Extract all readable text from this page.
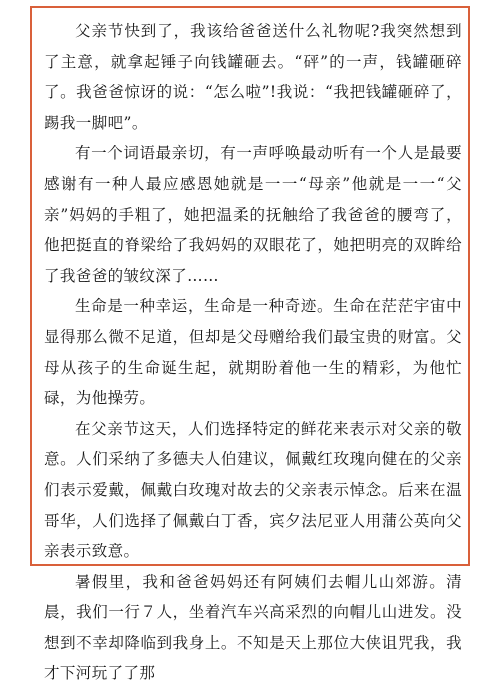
父亲节快到了，我该给爸爸送什么礼物呢?我突然想到了主意，就拿起锤子向钱罐砸去。“砰”的一声，钱罐砸碎了。我爸爸惊讶的说：“怎么啦”!我说：“我把钱罐砸碎了，踢我一脚吧”。

有一个词语最亲切，有一声呼唤最动听有一个人是最要感谢有一种人最应感恩她就是一一“母亲”他就是一一“父亲”妈妈的手粗了，她把温柔的抚触给了我爸爸的腰弯了，他把挺直的脊梁给了我妈妈的双眼花了，她把明亮的双眸给了我爸爸的皱纹深了……

生命是一种幸运，生命是一种奇迹。生命在茫茫宇宙中显得那么微不足道，但却是父母赠给我们最宝贵的财富。父母从孩子的生命诞生起，就期盼着他一生的精彩，为他忙碌，为他操劳。

在父亲节这天，人们选择特定的鲜花来表示对父亲的敬意。人们采纳了多德夫人伯建议，佩戴红玫瑰向健在的父亲们表示爱戴，佩戴白玫瑰对故去的父亲表示悼念。后来在温哥华，人们选择了佩戴白丁香，宾夕法尼亚人用蒲公英向父亲表示致意。

暑假里，我和爸爸妈妈还有阿姨们去帽儿山郊游。清晨，我们一行７人，坐着汽车兴高采烈的向帽儿山进发。没想到不幸却降临到我身上。不知是天上那位大侠诅咒我，我才下河玩了了那
